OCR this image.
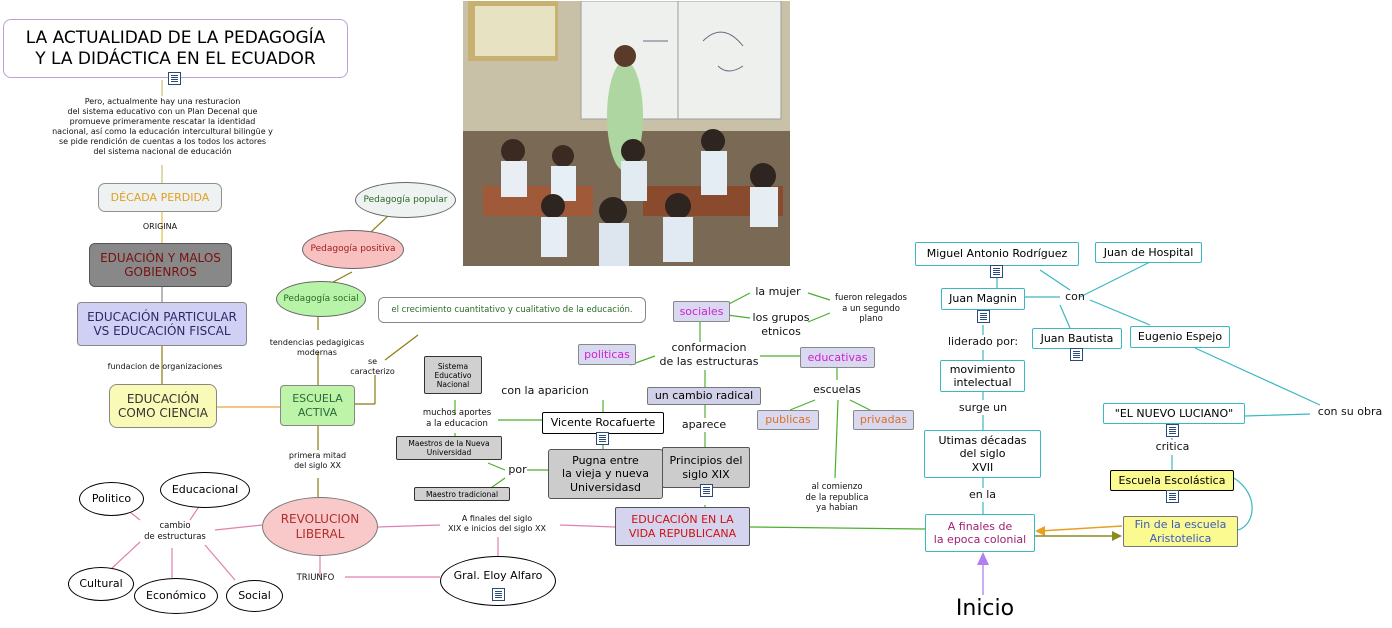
LA ACTUALIDAD DE LA PEDAGOGÍA
Y LA DIDÁCTICA EN EL ECUADOR
Pero, actualmente hay una resturacion
del sistema educativo con un Plan Decenal que
promueve primeramente rescatar la identidad
nacional, así como la educación intercultural bilingüe y
se pide rendición de cuentas a los todos los actores
del sistema nacional de educación
DÉCADA PERDIDA
ORIGINA
EDUACIÓN Y MALOS
GOBIENROS
EDUCACIÓN PARTICULAR
VS EDUCACIÓN FISCAL
fundacion de organizaciones
EDUCACIÓN
COMO CIENCIA
ESCUELA
ACTIVA
tendencias pedagigicas
modernas
se
caracterizo
Pedagogía popular
Pedagogía positiva
Pedagogía social
el crecimiento cuantitativo y cualitativo de la educación.
primera mitad
del siglo XX
REVOLUCION
LIBERAL
cambio
de estructuras
Politico
Educacional
Cultural
Económico	Social
TRIUNFO	Gral. Eloy Alfaro
A finales del siglo
XIX e inicios del siglo XX
Sistema
Educativo
Nacional
muchos aportes
a la educacion
Maestros de la Nueva
Universidad
por
Maestro tradicional
Pugna entre
la vieja y nueva
Universidasd
con la aparicion
Vicente Rocafuerte
politicas
conformacion
de las estructuras
sociales
la mujer
los grupos
etnicos
fueron relegados
a un segundo
plano
educativas
un cambio radical
aparece
Principios del
siglo XIX
escuelas
publicas	privadas
al comienzo
de la republica
ya habian
EDUCACIÓN EN LA
VIDA REPUBLICANA
Miguel Antonio Rodríguez	Juan de Hospital
Juan Magnin	con
Juan Bautista	Eugenio Espejo
liderado por:
movimiento
intelectual
surge un
Utimas décadas
del siglo
XVII
en la
A finales de
la epoca colonial
Inicio
con su obra
"EL NUEVO LUCIANO"
critica
Escuela Escolástica
Fin de la escuela
Aristotelica
